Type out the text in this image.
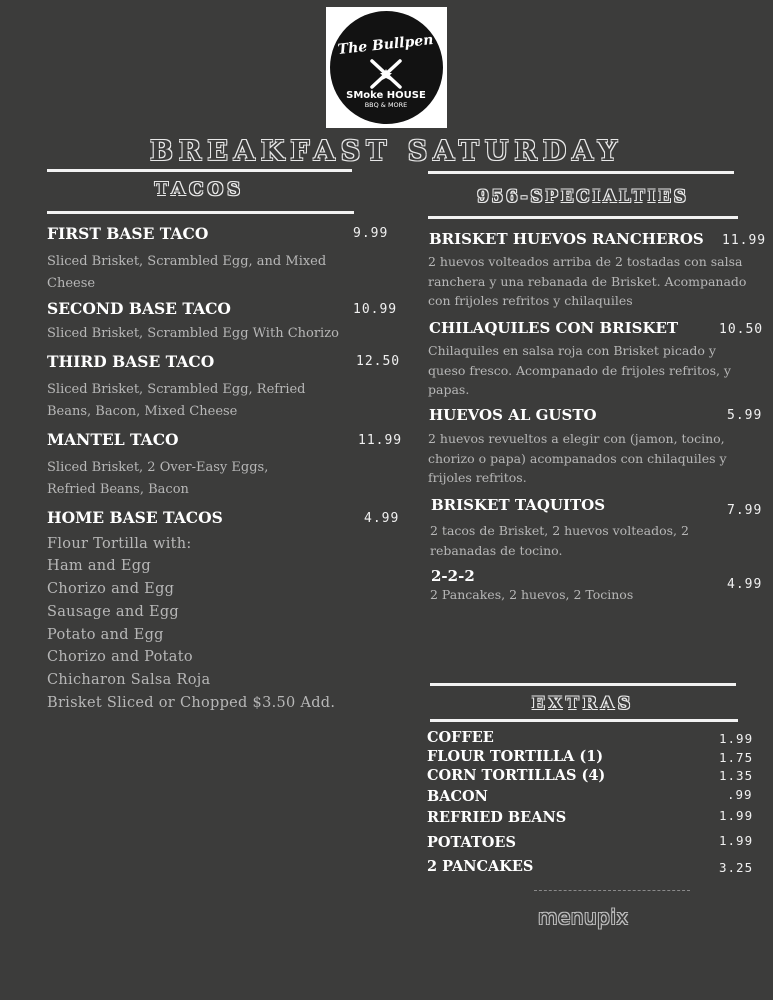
The Bullpen
SMoke HOUSE
BBQ & MORE
BREAKFAST SATURDAY
TACOS
FIRST BASE TACO	9.99
Sliced Brisket, Scrambled Egg, and Mixed Cheese
SECOND BASE TACO	10.99
Sliced Brisket, Scrambled Egg With Chorizo
THIRD BASE TACO	12.50
Sliced Brisket, Scrambled Egg, Refried Beans, Bacon, Mixed Cheese
MANTEL TACO	11.99
Sliced Brisket, 2 Over-Easy Eggs, Refried Beans, Bacon
HOME BASE TACOS	4.99
Flour Tortilla with:
Ham and Egg
Chorizo and Egg
Sausage and Egg
Potato and Egg
Chorizo and Potato
Chicharon Salsa Roja
Brisket Sliced or Chopped $3.50 Add.
956-SPECIALTIES
BRISKET HUEVOS RANCHEROS 11.99
2 huevos volteados arriba de 2 tostadas con salsa ranchera y una rebanada de Brisket. Acompanado con frijoles refritos y chilaquiles
CHILAQUILES CON BRISKET	10.50
Chilaquiles en salsa roja con Brisket picado y queso fresco. Acompanado de frijoles refritos, y papas.
HUEVOS AL GUSTO	5.99
2 huevos revueltos a elegir con (jamon, tocino, chorizo o papa) acompanados con chilaquiles y frijoles refritos.
BRISKET TAQUITOS	7.99
2 tacos de Brisket, 2 huevos volteados, 2 rebanadas de tocino.
2-2-2	4.99
2 Pancakes, 2 huevos, 2 Tocinos
EXTRAS
COFFEE	1.99
FLOUR TORTILLA (1)	1.75
CORN TORTILLAS (4)	1.35
BACON	.99
REFRIED BEANS	1.99
POTATOES	1.99
2 PANCAKES	3.25
menupix
